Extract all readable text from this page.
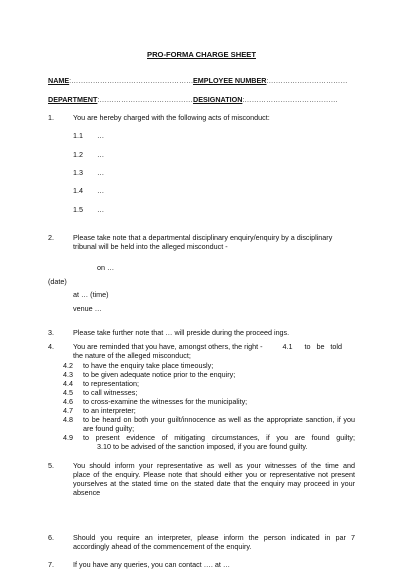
PRO-FORMA CHARGE SHEET
NAME:…………………………………………… EMPLOYEE NUMBER:……………………………
DEPARTMENT:………………………………… DESIGNATION:…………………………………
1.	You are hereby charged with the following acts of misconduct:
1.1 …
1.2 …
1.3 …
1.4 …
1.5 …
2.	Please take note that a departmental disciplinary enquiry/enquiry by a disciplinary
tribunal will be held into the alleged misconduct -
on …
(date)
at … (time)
venue …
3.	Please take further note that … will preside during the proceed ings.
4.	You are reminded that you have, amongst others, the right -          4.1      to   be   told
the nature of the alleged misconduct;
4.2 to have the enquiry take place timeously;
4.3 to be given adequate notice prior to the enquiry;
4.4 to representation;
4.5 to call witnesses;
4.6 to cross-examine the witnesses for the municipality;
4.7 to an interpreter;
4.8 to be heard on both your guilt/innocence as well as the appropriate sanction, if you
are found guilty;
4.9 to present evidence of mitigating circumstances, if you are found guilty;
3.10 to be advised of the sanction imposed, if you are found guilty.
5.	You should inform your representative as well as your witnesses of the time and
place of the enquiry. Please note that should either you or representative not present
yourselves at the stated time on the stated date that the enquiry may proceed in your
absence
6.	Should you require an interpreter, please inform the person indicated in par 7
accordingly ahead of the commencement of the enquiry.
7.	If you have any queries, you can contact …. at …
